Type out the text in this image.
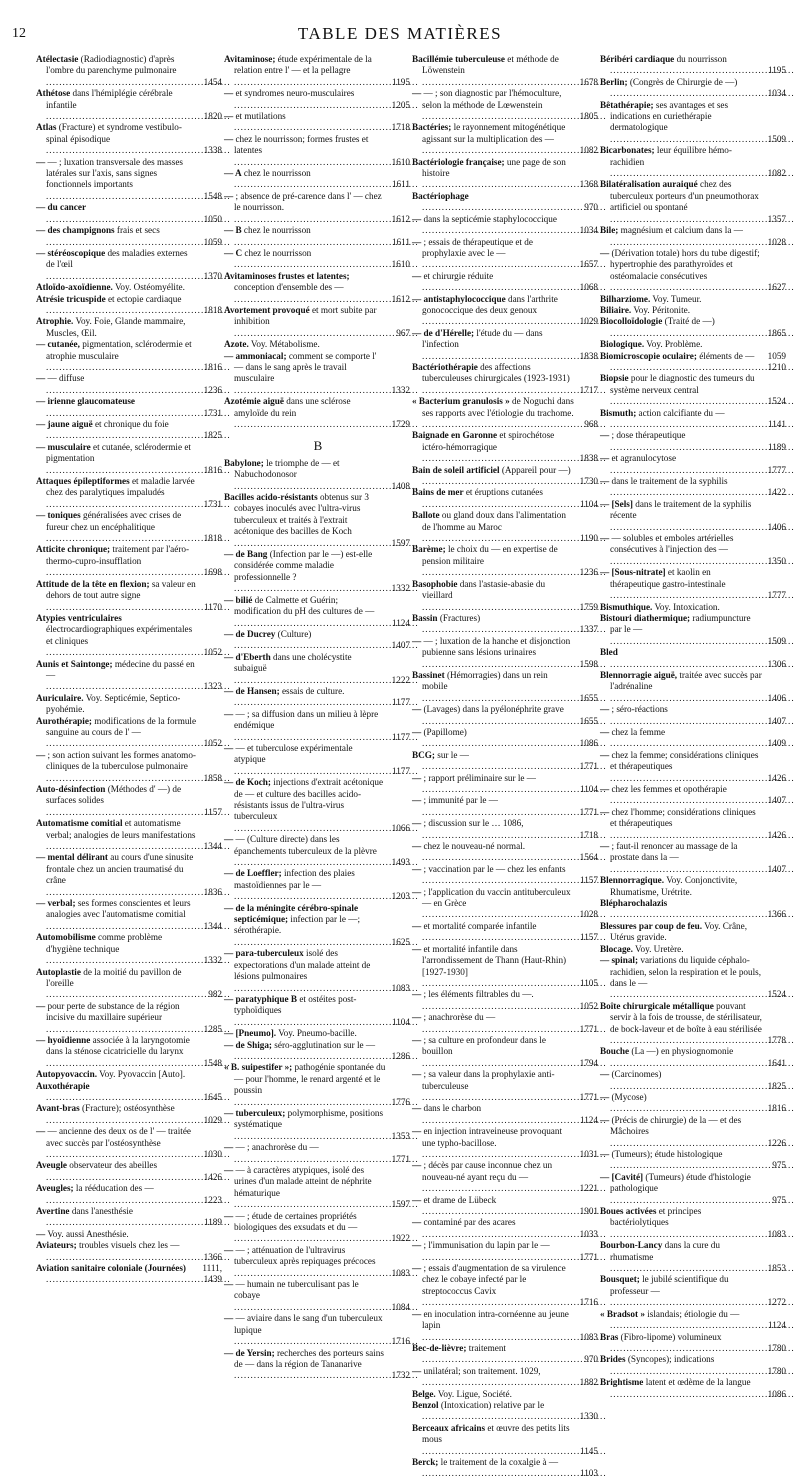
12	TABLE DES MATIÈRES
Atélectasie (Radiodiagnostic) d'après l'ombre du parenchyme pulmonaire .....
1454
Athétose dans l'hémiplégie cérébrale infantile .....
1820
Atlas (Fracture) et syndrome vestibulo-spinal épisodique .....
1338
— — ; luxation transversale des masses latérales sur l'axis, sans signes fonctionnels importants .....
1548
— du cancer .....
1050
— des champignons frais et secs .....
1059
— stéréoscopique des maladies externes de l'œil .....
1370
Atloïdo-axoïdienne. Voy. Ostéomyélite.
Atrésie tricuspide et ectopie cardiaque .....
1818
Atrophie. Voy. Foie, Glande mammaire, Muscles, Œil.
— cutanée, pigmentation, sclérodermie et atrophie musculaire .....
1816
— — diffuse .....
1236
— irienne glaucomateuse .....
1731
— jaune aiguë et chronique du foie .....
1825
— musculaire et cutanée, sclérodermie et pigmentation .....
1816
Attaques épileptiformes et maladie larvée chez des paralytiques impaludés .....
1731
— toniques généralisées avec crises de fureur chez un encéphalitique .....
1818
Atticite chronique; traitement par l'aéro-thermo-cupro-insufflation .....
1698
Attitude de la tête en flexion; sa valeur en dehors de tout autre signe .....
1170
Atypies ventriculaires électrocardiographiques expérimentales et cliniques .....
1052
Aunis et Saintonge; médecine du passé en — .....
1323
Auriculaire. Voy. Septicémie, Septico-pyohémie.
Aurothérapie; modifications de la formule sanguine au cours de l' — .....
1052
— ; son action suivant les formes anatomo-cliniques de la tuberculose pulmonaire .....
1858
Auto-désinfection (Méthodes d' —) de surfaces solides .....
1157
Automatisme comitial et automatisme verbal; analogies de leurs manifestations .....
1344
— mental délirant au cours d'une sinusite frontale chez un ancien traumatisé du crâne .....
1836
— verbal; ses formes conscientes et leurs analogies avec l'automatisme comitial .....
1344
Automobilisme comme problème d'hygiène technique .....
1332
Autoplastie de la moitié du pavillon de l'oreille .....
982
— pour perte de substance de la région incisive du maxillaire supérieur .....
1285
— hyoïdienne associée à la laryngotomie dans la sténose cicatricielle du larynx .....
1548
Autopyovaccin. Voy. Pyovaccin [Auto].
Auxothérapie .....
1645
Avant-bras (Fracture); ostéosynthèse .....
1029
— — ancienne des deux os de l' — traitée avec succès par l'ostéosynthèse .....
1030
Aveugle observateur des abeilles .....
1426
Aveugles; la rééducation des — .....
1223
Avertine dans l'anesthésie .....
1189
— Voy. aussi Anesthésie.
Aviateurs; troubles visuels chez les — .....
1366
Aviation sanitaire coloniale (Journées) .....	1111, 1439
Avitaminose; étude expérimentale de la relation entre l' — et la pellagre .....
1195
— et syndromes neuro-musculaires .....
1205
— et mutilations .....
1718
— chez le nourrisson; formes frustes et latentes .....
1610
— A chez le nourrisson .....
1611
— ; absence de pré-carence dans l' — chez le nourrisson. .....
1612
— B chez le nourrisson .....
1611
— C chez le nourrisson .....
1610
Avitaminoses frustes et latentes; conception d'ensemble des — .....
1612
Avortement provoqué et mort subite par inhibition .....
967
Azote. Voy. Métabolisme.
— ammoniacal; comment se comporte l' — dans le sang après le travail musculaire .....
1332
Azotémie aiguë dans une sclérose amyloïde du rein .....
1729
B
Babylone; le triomphe de — et Nabuchodonosor .....
1408
Bacilles acido-résistants obtenus sur 3 cobayes inoculés avec l'ultra-virus tuberculeux et traités à l'extrait acétonique des bacilles de Koch .....
1597
— de Bang (Infection par le —) est-elle considérée comme maladie professionnelle ? .....
1332
— bilié de Calmette et Guérin; modification du pH des cultures de — .....
1124
— de Ducrey (Culture) .....
1407
— d'Eberth dans une cholécystite subaiguë .....
1222
— de Hansen; essais de culture. .....
1177
— — ; sa diffusion dans un milieu à lèpre endémique .....
1177
— — et tuberculose expérimentale atypique .....
1177
— de Koch; injections d'extrait acétonique de — et culture des bacilles acido-résistants issus de l'ultra-virus tuberculeux .....
1066
— — (Culture directe) dans les épanchements tuberculeux de la plèvre .....
1493
— de Loeffler; infection des plaies mastoïdiennes par le — .....
1203
— de la méningite cérébro-spinale septicémique; infection par le —; sérothérapie. .....
1625
— para-tuberculeux isolé des expectorations d'un malade atteint de lésions pulmonaires .....
1083
— paratyphique B et ostéites post-typhoïdiques .....
1104
— [Pneumo]. Voy. Pneumo-bacille.
— de Shiga; séro-agglutination sur le — .....
1286
« B. suipestifer »; pathogénie spontanée du — pour l'homme, le renard argenté et le poussin .....
1776
— tuberculeux; polymorphisme, positions systématique .....
1353
— — ; anachrorèse du — .....
1771
— — à caractères atypiques, isolé des urines d'un malade atteint de néphrite hématurique .....
1597
— — ; étude de certaines propriétés biologiques des exsudats et du — .....
1922
— — ; atténuation de l'ultravirus tuberculeux après repiquages précoces .....
1083
— — humain ne tuberculisant pas le cobaye .....
1084
— — aviaire dans le sang d'un tuberculeux lupique .....
1716
— de Yersin; recherches des porteurs sains de — dans la région de Tananarive .....
1732
Bacillémie tuberculeuse et méthode de Löwenstein .....
1678
— — ; son diagnostic par l'hémoculture, selon la méthode de Lœwenstein .....
1805
Bactéries; le rayonnement mitogénétique agissant sur la multiplication des — .....
1082
Bactériologie française; une page de son histoire .....
1368
Bactériophage .....
970
— dans la septicémie staphylococcique .....
1034
— ; essais de thérapeutique et de prophylaxie avec le — .....
1657
— et chirurgie réduite .....
1068
— antistaphylococcique dans l'arthrite gonococcique des deux genoux .....
1029
— de d'Hérelle; l'étude du — dans l'infection .....
1838
Bactériothérapie des affections tuberculeuses chirurgicales (1923-1931) .....
1717
« Bacterium granulosis » de Noguchi dans ses rapports avec l'étiologie du trachome. .....
968
Baignade en Garonne et spirochétose ictéro-hémorragique .....
1838
Bain de soleil artificiel (Appareil pour —) .....
1730
Bains de mer et éruptions cutanées .....
1104
Ballote ou gland doux dans l'alimentation de l'homme au Maroc .....
1190
Barème; le choix du — en expertise de pension militaire .....
1236
Basophobie dans l'astasie-abasie du vieillard .....
1759
Bassin (Fractures) .....
1337
— — ; luxation de la hanche et disjonction pubienne sans lésions urinaires .....
1598
Bassinet (Hémorragies) dans un rein mobile .....
1655
— (Lavages) dans la pyélonéphrite grave .....
1655
— (Papillome) .....
1086
BCG; sur le — .....
1771
— ; rapport préliminaire sur le — .....
1104
— ; immunité par le — .....
1771
— ; discussion sur le … 1086, .....
1718
— chez le nouveau-né normal. .....
1564
— ; vaccination par le — chez les enfants .....
1157
— ; l'application du vaccin antituberculeux — en Grèce .....
1028
— et mortalité comparée infantile .....
1157
— et mortalité infantile dans l'arrondissement de Thann (Haut-Rhin) [1927-1930] .....
1105
— ; les éléments filtrables du —. .....
1052
— ; anachrorèse du — .....
1771
— ; sa culture en profondeur dans le bouillon .....
1794
— ; sa valeur dans la prophylaxie anti-tuberculeuse .....
1771
— dans le charbon .....
1124
— en injection intraveineuse provoquant une typho-bacillose. .....
1031
— ; décès par cause inconnue chez un nouveau-né ayant reçu du — .....
1221
— et drame de Lübeck .....
1901
— contaminé par des acares .....
1033
— ; l'immunisation du lapin par le — .....
1771
— ; essais d'augmentation de sa virulence chez le cobaye infecté par le streptococcus Cavix .....
1716
— en inoculation intra-cornéenne au jeune lapin .....
1083
Bec-de-lièvre; traitement .....
970
— unilatéral; son traitement. 1029, .....
1882
Belge. Voy. Ligue, Société.
Benzol (Intoxication) relative par le .....
1330
Berceaux africains et œuvre des petits lits mous .....
1145
Berck; le traitement de la coxalgie à — .....
1103
Béribéri cardiaque du nourrisson .....
1195
Berlin; (Congrès de Chirurgie de —) .....
1034
Bêtathérapie; ses avantages et ses indications en curiethérapie dermatologique .....
1509
Bicarbonates; leur équilibre hémo-rachidien .....
1082
Bilatéralisation auraiqué chez des tuberculeux porteurs d'un pneumothorax artificiel ou spontané .....
1357
Bile; magnésium et calcium dans la — .....
1028
— (Dérivation totale) hors du tube digestif; hypertrophie des parathyroïdes et ostéomalacie consécutives .....
1627
Bilharziome. Voy. Tumeur.
Biliaire. Voy. Péritonite.
Biocolloïdologie (Traité de —) .....
1865
Biologique. Voy. Problème.
Biomicroscopie oculaire; éléments de — .....	1059 1210
Biopsie pour le diagnostic des tumeurs du système nerveux central .....
1524
Bismuth; action calcifiante du — .....
1141
— ; dose thérapeutique .....
1189
— et agranulocytose .....
1777
— dans le traitement de la syphilis .....
1422
— [Sels] dans le traitement de la syphilis récente .....
1406
— — solubles et emboles artérielles consécutives à l'injection des — .....
1350
— [Sous-nitrate] et kaolin en thérapeutique gastro-intestinale .....
1777
Bismuthique. Voy. Intoxication.
Bistouri diathermique; radiumpuncture par le — .....
1509
Bled .....
1306
Blennorragie aiguë, traitée avec succès par l'adrénaline .....
1406
— ; séro-réactions .....
1407
— chez la femme .....
1409
— chez la femme; considérations cliniques et thérapeutiques .....
1426
— chez les femmes et opothérapie .....
1407
— chez l'homme; considérations cliniques et thérapeutiques .....
1426
— ; faut-il renoncer au massage de la prostate dans la — .....
1407
Blennorragique. Voy. Conjonctivite, Rhumatisme, Urétrite.
Blépharochalazis .....
1366
Blessures par coup de feu. Voy. Crâne, Utérus gravide.
Blocage. Voy. Uretère.
— spinal; variations du liquide céphalo-rachidien, selon la respiration et le pouls, dans le — .....
1524
Boîte chirurgicale métallique pouvant servir à la fois de trousse, de stérilisateur, de bock-laveur et de boîte à eau stérilisée .....
1778
Bouche (La —) en physiognomonie .....
1641
— (Carcinomes) .....
1825
— (Mycose) .....
1816
— (Précis de chirurgie) de la — et des Mâchoires .....
1226
— (Tumeurs); étude histologique .....
975
— [Cavité] (Tumeurs) étude d'histologie pathologique .....
975
Boues activées et principes bactériolytiques .....
1083
Bourbon-Lancy dans la cure du rhumatisme .....
1853
Bousquet; le jubilé scientifique du professeur — .....
1272
« Bradsot » islandais; étiologie du — .....
1124
Bras (Fibro-lipome) volumineux .....
1780
Brides (Syncopes); indications .....
1780
Brightisme latent et œdème de la langue .....
1086
